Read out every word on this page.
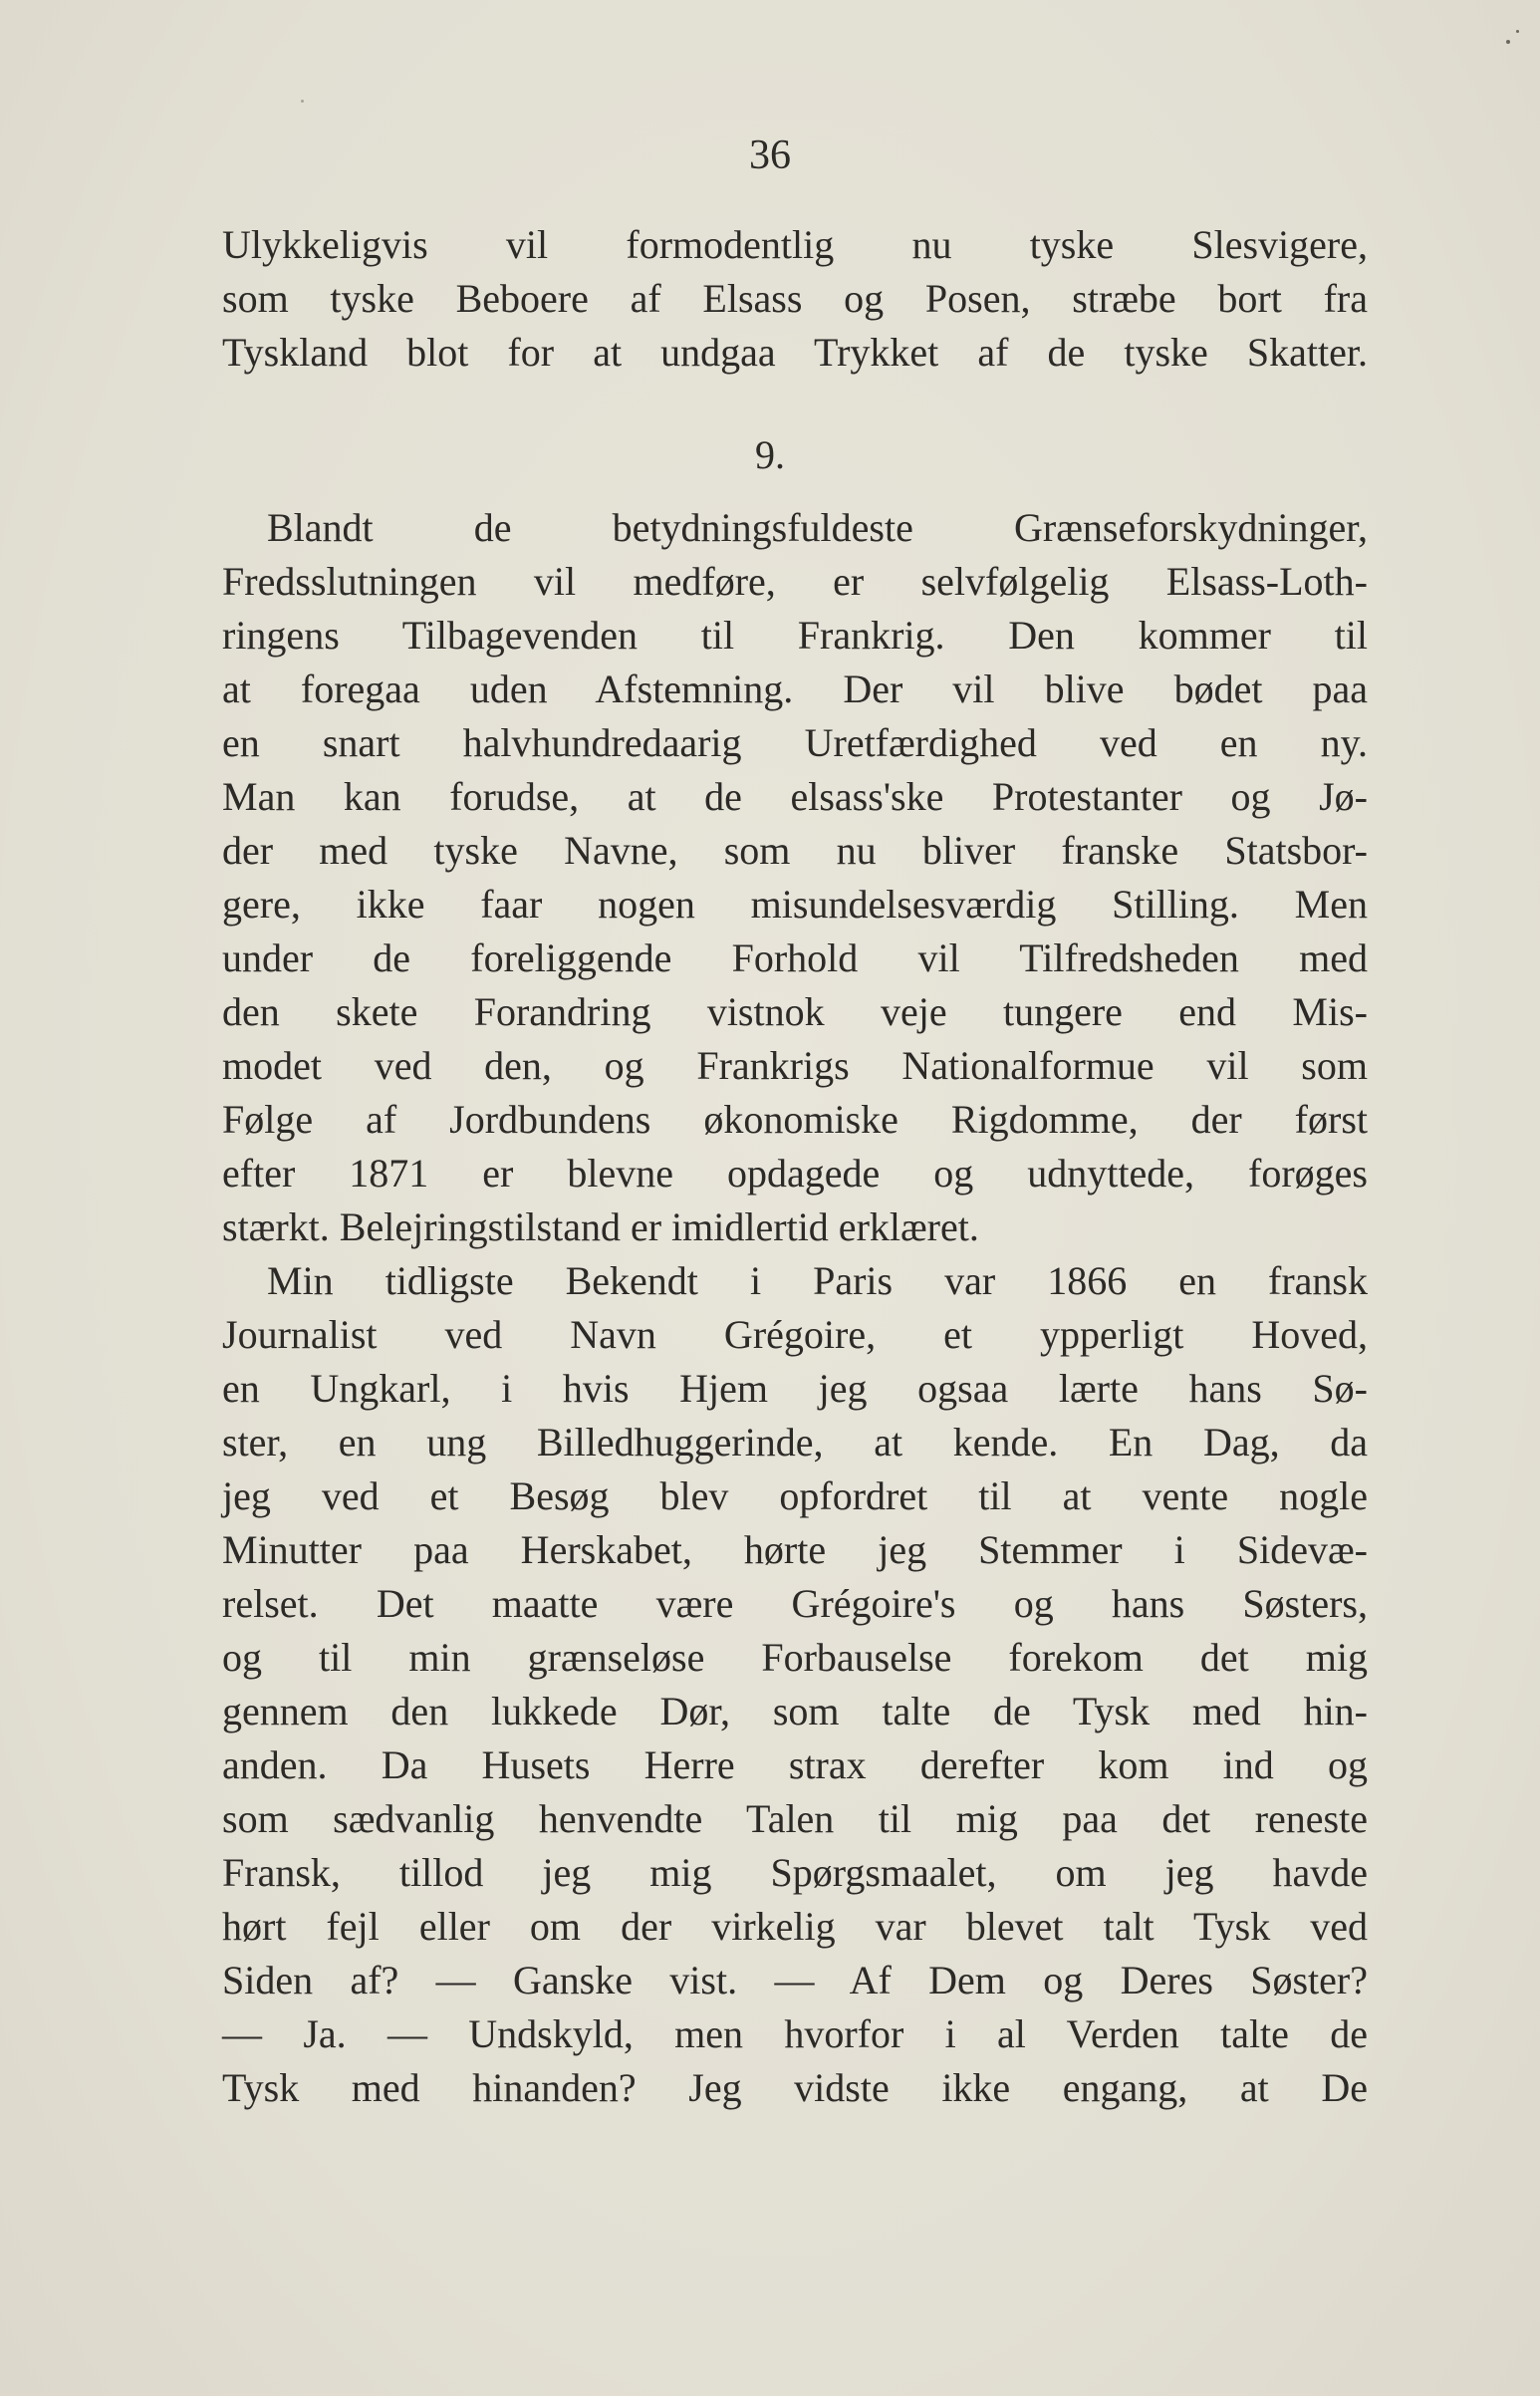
36
Ulykkeligvis vil formodentlig nu tyske Slesvigere,
som tyske Beboere af Elsass og Posen, stræbe bort fra
Tyskland blot for at undgaa Trykket af de tyske Skatter.
9.
Blandt de betydningsfuldeste Grænseforskydninger,
Fredsslutningen vil medføre, er selvfølgelig Elsass-Loth-
ringens Tilbagevenden til Frankrig. Den kommer til
at foregaa uden Afstemning. Der vil blive bødet paa
en snart halvhundredaarig Uretfærdighed ved en ny.
Man kan forudse, at de elsass'ske Protestanter og Jø-
der med tyske Navne, som nu bliver franske Statsbor-
gere, ikke faar nogen misundelsesværdig Stilling. Men
under de foreliggende Forhold vil Tilfredsheden med
den skete Forandring vistnok veje tungere end Mis-
modet ved den, og Frankrigs Nationalformue vil som
Følge af Jordbundens økonomiske Rigdomme, der først
efter 1871 er blevne opdagede og udnyttede, forøges
stærkt. Belejringstilstand er imidlertid erklæret.
Min tidligste Bekendt i Paris var 1866 en fransk
Journalist ved Navn Grégoire, et ypperligt Hoved,
en Ungkarl, i hvis Hjem jeg ogsaa lærte hans Sø-
ster, en ung Billedhuggerinde, at kende. En Dag, da
jeg ved et Besøg blev opfordret til at vente nogle
Minutter paa Herskabet, hørte jeg Stemmer i Sidevæ-
relset. Det maatte være Grégoire's og hans Søsters,
og til min grænseløse Forbauselse forekom det mig
gennem den lukkede Dør, som talte de Tysk med hin-
anden. Da Husets Herre strax derefter kom ind og
som sædvanlig henvendte Talen til mig paa det reneste
Fransk, tillod jeg mig Spørgsmaalet, om jeg havde
hørt fejl eller om der virkelig var blevet talt Tysk ved
Siden af? — Ganske vist. — Af Dem og Deres Søster?
— Ja. — Undskyld, men hvorfor i al Verden talte de
Tysk med hinanden? Jeg vidste ikke engang, at De
